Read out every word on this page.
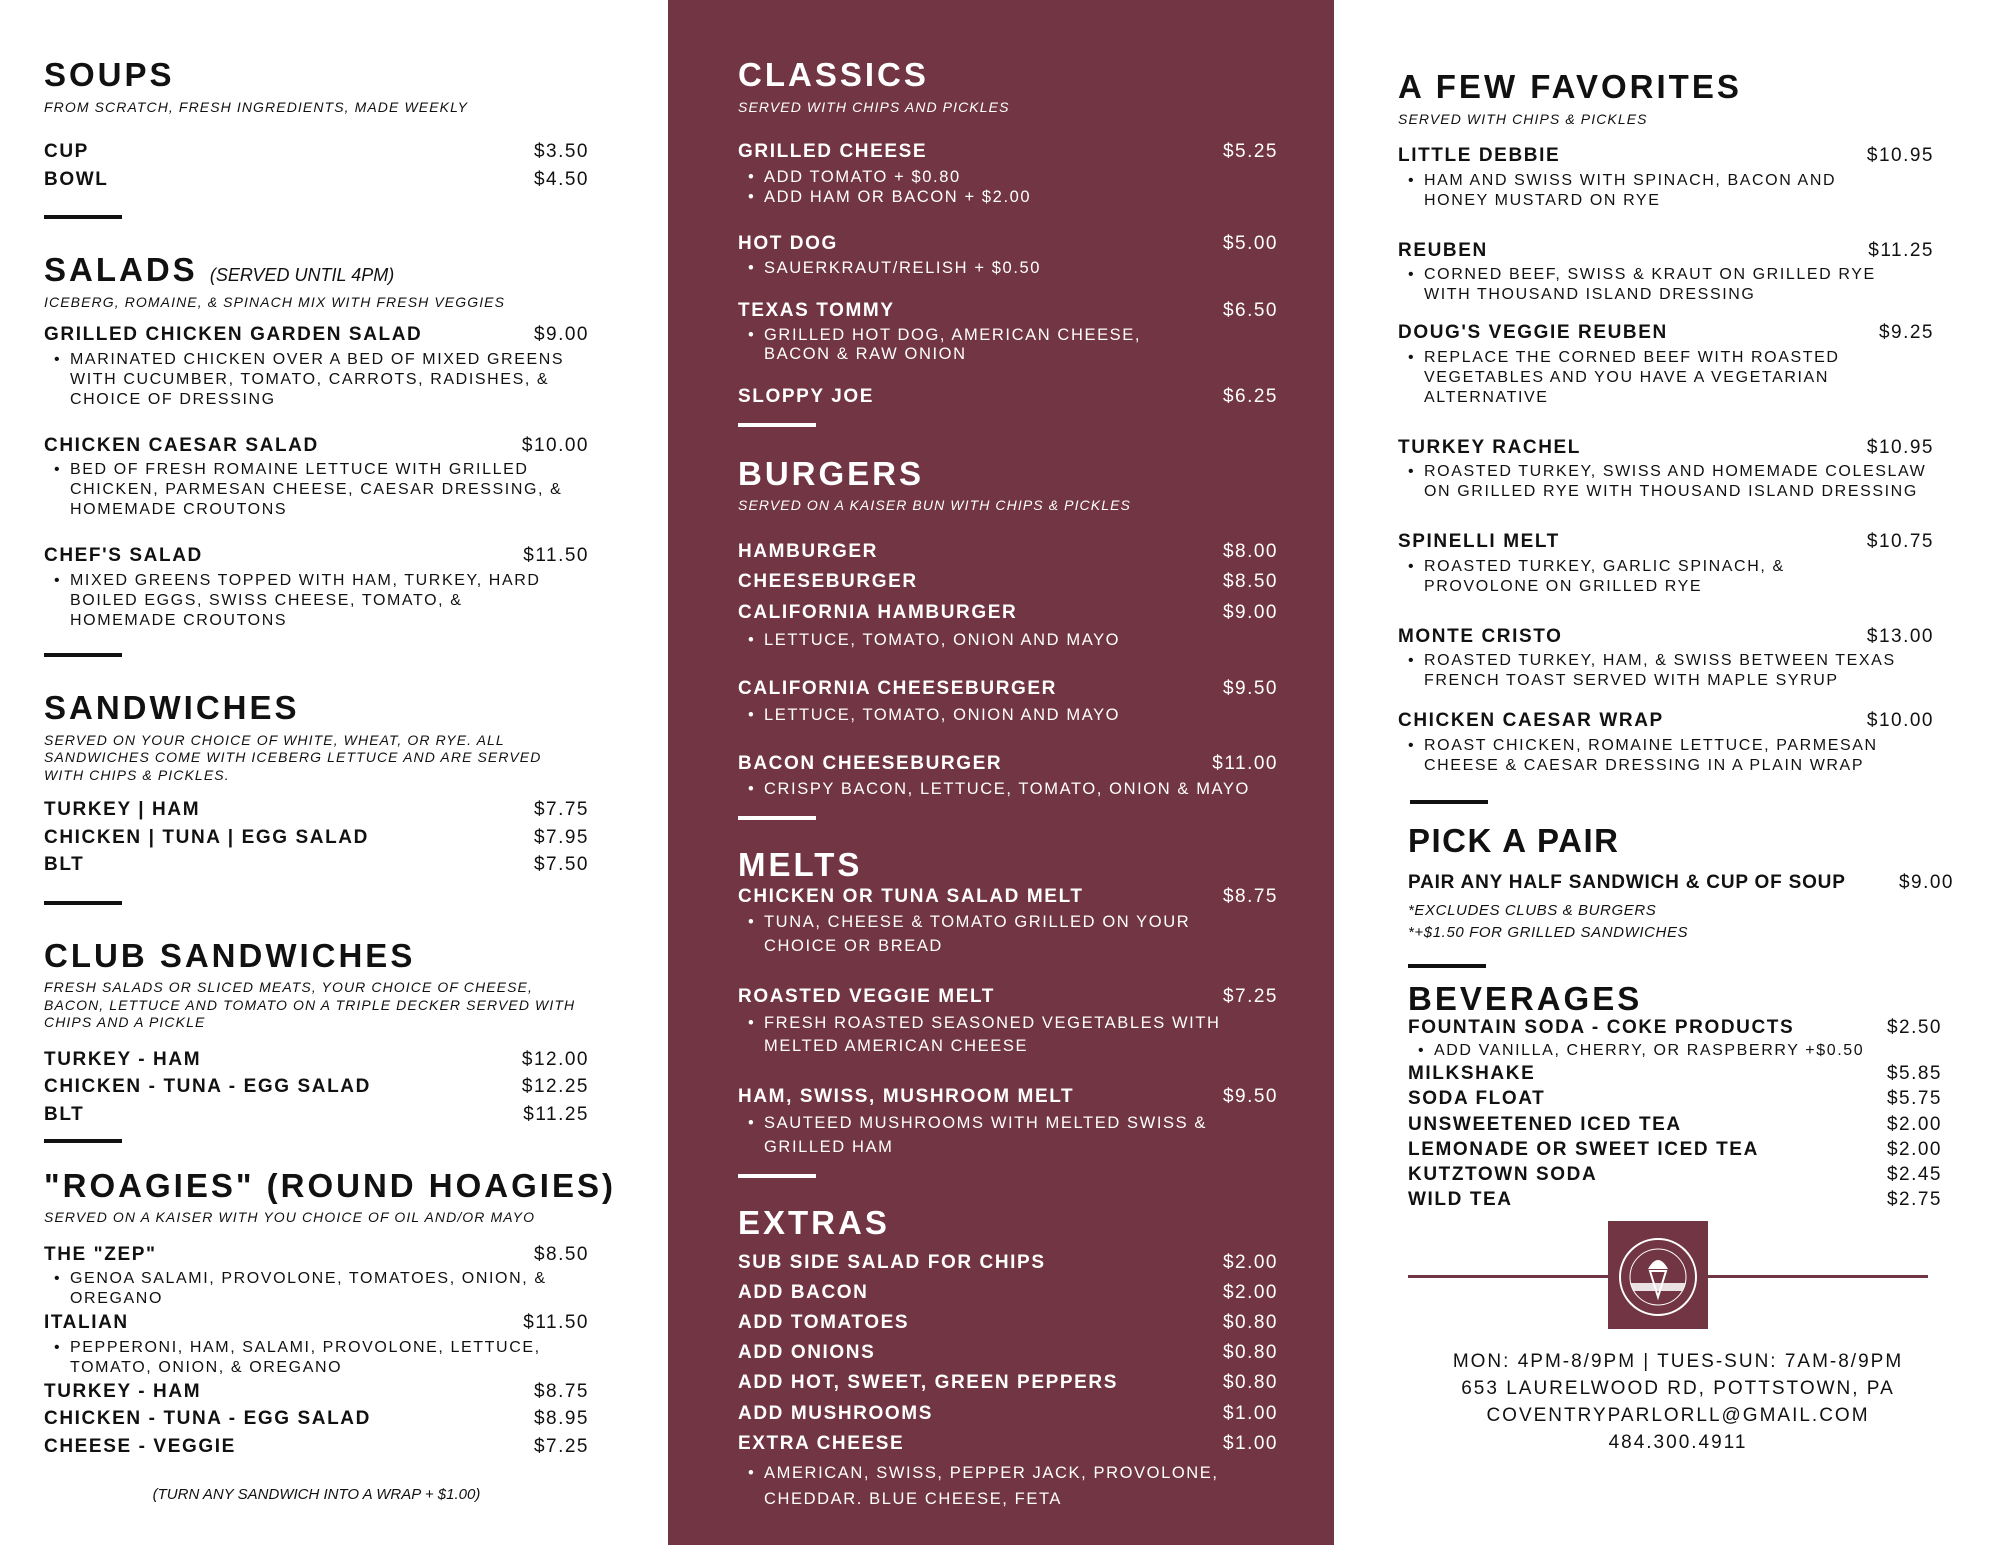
SOUPS

FROM SCRATCH, FRESH INGREDIENTS, MADE WEEKLY

CUP	$3.50
BOWL	$4.50
SALADS (SERVED UNTIL 4PM)

ICEBERG, ROMAINE, & SPINACH MIX WITH FRESH VEGGIES

GRILLED CHICKEN GARDEN SALAD	$9.00
• MARINATED CHICKEN OVER A BED OF MIXED GREENS WITH CUCUMBER, TOMATO, CARROTS, RADISHES, & CHOICE OF DRESSING
CHICKEN CAESAR SALAD	$10.00
• BED OF FRESH ROMAINE LETTUCE WITH GRILLED CHICKEN, PARMESAN CHEESE, CAESAR DRESSING, & HOMEMADE CROUTONS
CHEF'S SALAD	$11.50
• MIXED GREENS TOPPED WITH HAM, TURKEY, HARD BOILED EGGS, SWISS CHEESE, TOMATO, & HOMEMADE CROUTONS
SANDWICHES

SERVED ON YOUR CHOICE OF WHITE, WHEAT, OR RYE. ALL SANDWICHES COME WITH ICEBERG LETTUCE AND ARE SERVED WITH CHIPS & PICKLES.

TURKEY | HAM	$7.75
CHICKEN | TUNA | EGG SALAD	$7.95
BLT	$7.50
CLUB SANDWICHES

FRESH SALADS OR SLICED MEATS, YOUR CHOICE OF CHEESE, BACON, LETTUCE AND TOMATO ON A TRIPLE DECKER SERVED WITH CHIPS AND A PICKLE

TURKEY - HAM	$12.00
CHICKEN - TUNA - EGG SALAD	$12.25
BLT	$11.25
"ROAGIES" (ROUND HOAGIES)

SERVED ON A KAISER WITH YOU CHOICE OF OIL AND/OR MAYO

THE "ZEP"	$8.50
• GENOA SALAMI, PROVOLONE, TOMATOES, ONION, & OREGANO
ITALIAN	$11.50
• PEPPERONI, HAM, SALAMI, PROVOLONE, LETTUCE, TOMATO, ONION, & OREGANO
TURKEY - HAM	$8.75
CHICKEN - TUNA - EGG SALAD	$8.95
CHEESE - VEGGIE	$7.25
(TURN ANY SANDWICH INTO A WRAP + $1.00)
CLASSICS

SERVED WITH CHIPS AND PICKLES

GRILLED CHEESE	$5.25
• ADD TOMATO + $0.80
• ADD HAM OR BACON + $2.00
HOT DOG	$5.00
• SAUERKRAUT/RELISH + $0.50
TEXAS TOMMY	$6.50
• GRILLED HOT DOG, AMERICAN CHEESE, BACON & RAW ONION
SLOPPY JOE	$6.25
BURGERS

SERVED ON A KAISER BUN WITH CHIPS & PICKLES

HAMBURGER	$8.00
CHEESEBURGER	$8.50
CALIFORNIA HAMBURGER	$9.00
• LETTUCE, TOMATO, ONION AND MAYO
CALIFORNIA CHEESEBURGER	$9.50
• LETTUCE, TOMATO, ONION AND MAYO
BACON CHEESEBURGER	$11.00
• CRISPY BACON, LETTUCE, TOMATO, ONION & MAYO
MELTS
CHICKEN OR TUNA SALAD MELT	$8.75
• TUNA, CHEESE & TOMATO GRILLED ON YOUR CHOICE OR BREAD
ROASTED VEGGIE MELT	$7.25
• FRESH ROASTED SEASONED VEGETABLES WITH MELTED AMERICAN CHEESE
HAM, SWISS, MUSHROOM MELT	$9.50
• SAUTEED MUSHROOMS WITH MELTED SWISS & GRILLED HAM
EXTRAS
SUB SIDE SALAD FOR CHIPS	$2.00
ADD BACON	$2.00
ADD TOMATOES	$0.80
ADD ONIONS	$0.80
ADD HOT, SWEET, GREEN PEPPERS	$0.80
ADD MUSHROOMS	$1.00
EXTRA CHEESE	$1.00
• AMERICAN, SWISS, PEPPER JACK, PROVOLONE, CHEDDAR. BLUE CHEESE, FETA
A FEW FAVORITES

SERVED WITH CHIPS & PICKLES

LITTLE DEBBIE	$10.95
• HAM AND SWISS WITH SPINACH, BACON AND HONEY MUSTARD ON RYE
REUBEN	$11.25
• CORNED BEEF, SWISS & KRAUT ON GRILLED RYE WITH THOUSAND ISLAND DRESSING
DOUG'S VEGGIE REUBEN	$9.25
• REPLACE THE CORNED BEEF WITH ROASTED VEGETABLES AND YOU HAVE A VEGETARIAN ALTERNATIVE
TURKEY RACHEL	$10.95
• ROASTED TURKEY, SWISS AND HOMEMADE COLESLAW ON GRILLED RYE WITH THOUSAND ISLAND DRESSING
SPINELLI MELT	$10.75
• ROASTED TURKEY, GARLIC SPINACH, & PROVOLONE ON GRILLED RYE
MONTE CRISTO	$13.00
• ROASTED TURKEY, HAM, & SWISS BETWEEN TEXAS FRENCH TOAST SERVED WITH MAPLE SYRUP
CHICKEN CAESAR WRAP	$10.00
• ROAST CHICKEN, ROMAINE LETTUCE, PARMESAN CHEESE & CAESAR DRESSING IN A PLAIN WRAP
PICK A PAIR
PAIR ANY HALF SANDWICH & CUP OF SOUP	$9.00
*EXCLUDES CLUBS & BURGERS
*+$1.50 FOR GRILLED SANDWICHES
BEVERAGES
FOUNTAIN SODA - COKE PRODUCTS	$2.50
• ADD VANILLA, CHERRY, OR RASPBERRY +$0.50
MILKSHAKE	$5.85
SODA FLOAT	$5.75
UNSWEETENED ICED TEA	$2.00
LEMONADE OR SWEET ICED TEA	$2.00
KUTZTOWN SODA	$2.45
WILD TEA	$2.75
MON: 4PM-8/9PM | TUES-SUN: 7AM-8/9PM
653 LAURELWOOD RD, POTTSTOWN, PA
COVENTRYPARLORLL@GMAIL.COM
484.300.4911
